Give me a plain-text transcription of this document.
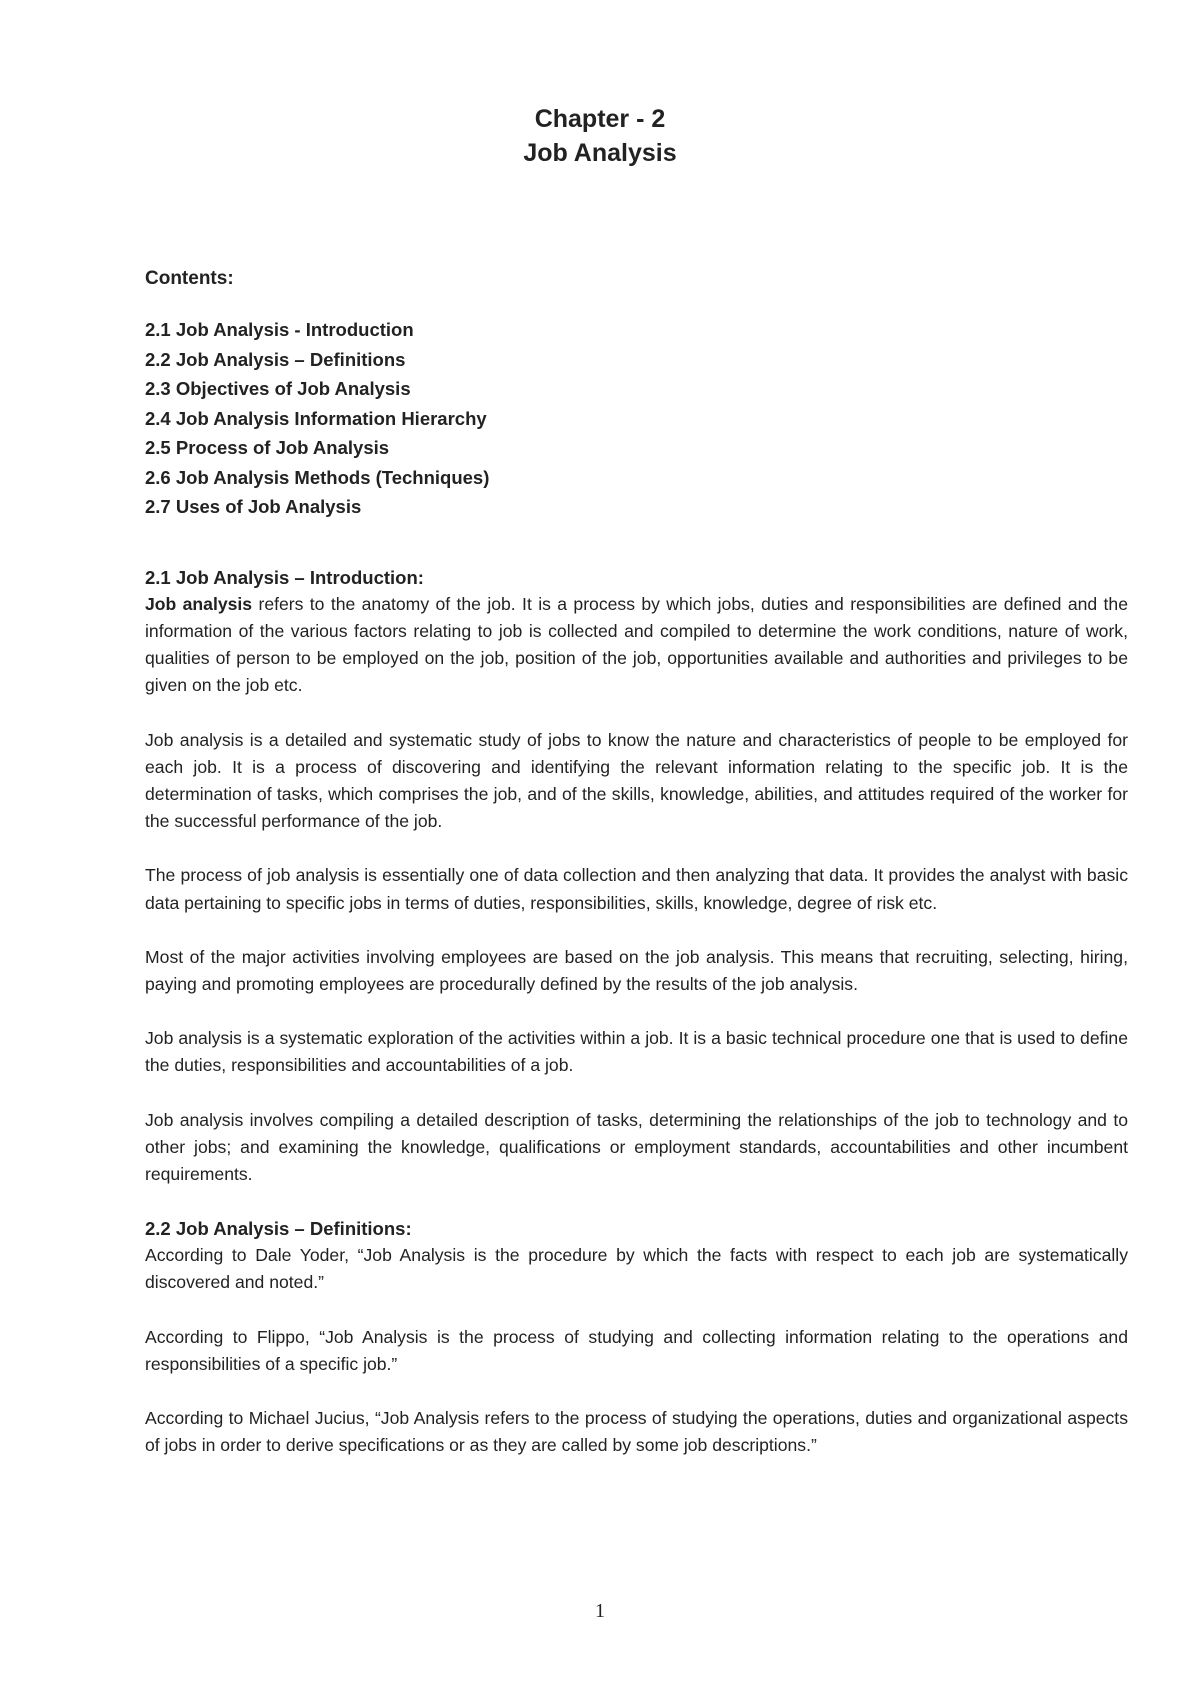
Chapter - 2
Job Analysis

Contents:

2.1 Job Analysis - Introduction
2.2 Job Analysis – Definitions
2.3 Objectives of Job Analysis
2.4 Job Analysis Information Hierarchy
2.5 Process of Job Analysis
2.6 Job Analysis Methods (Techniques)
2.7 Uses of Job Analysis
2.1 Job Analysis – Introduction:

Job analysis refers to the anatomy of the job. It is a process by which jobs, duties and responsibilities are defined and the information of the various factors relating to job is collected and compiled to determine the work conditions, nature of work, qualities of person to be employed on the job, position of the job, opportunities available and authorities and privileges to be given on the job etc.

Job analysis is a detailed and systematic study of jobs to know the nature and characteristics of people to be employed for each job. It is a process of discovering and identifying the relevant information relating to the specific job. It is the determination of tasks, which comprises the job, and of the skills, knowledge, abilities, and attitudes required of the worker for the successful performance of the job.

The process of job analysis is essentially one of data collection and then analyzing that data. It provides the analyst with basic data pertaining to specific jobs in terms of duties, responsibilities, skills, knowledge, degree of risk etc.

Most of the major activities involving employees are based on the job analysis. This means that recruiting, selecting, hiring, paying and promoting employees are procedurally defined by the results of the job analysis.

Job analysis is a systematic exploration of the activities within a job. It is a basic technical procedure one that is used to define the duties, responsibilities and accountabilities of a job.

Job analysis involves compiling a detailed description of tasks, determining the relationships of the job to technology and to other jobs; and examining the knowledge, qualifications or employment standards, accountabilities and other incumbent requirements.

2.2 Job Analysis – Definitions:

According to Dale Yoder, “Job Analysis is the procedure by which the facts with respect to each job are systematically discovered and noted.”

According to Flippo, “Job Analysis is the process of studying and collecting information relating to the operations and responsibilities of a specific job.”

According to Michael Jucius, “Job Analysis refers to the process of studying the operations, duties and organizational aspects of jobs in order to derive specifications or as they are called by some job descriptions.”

1
